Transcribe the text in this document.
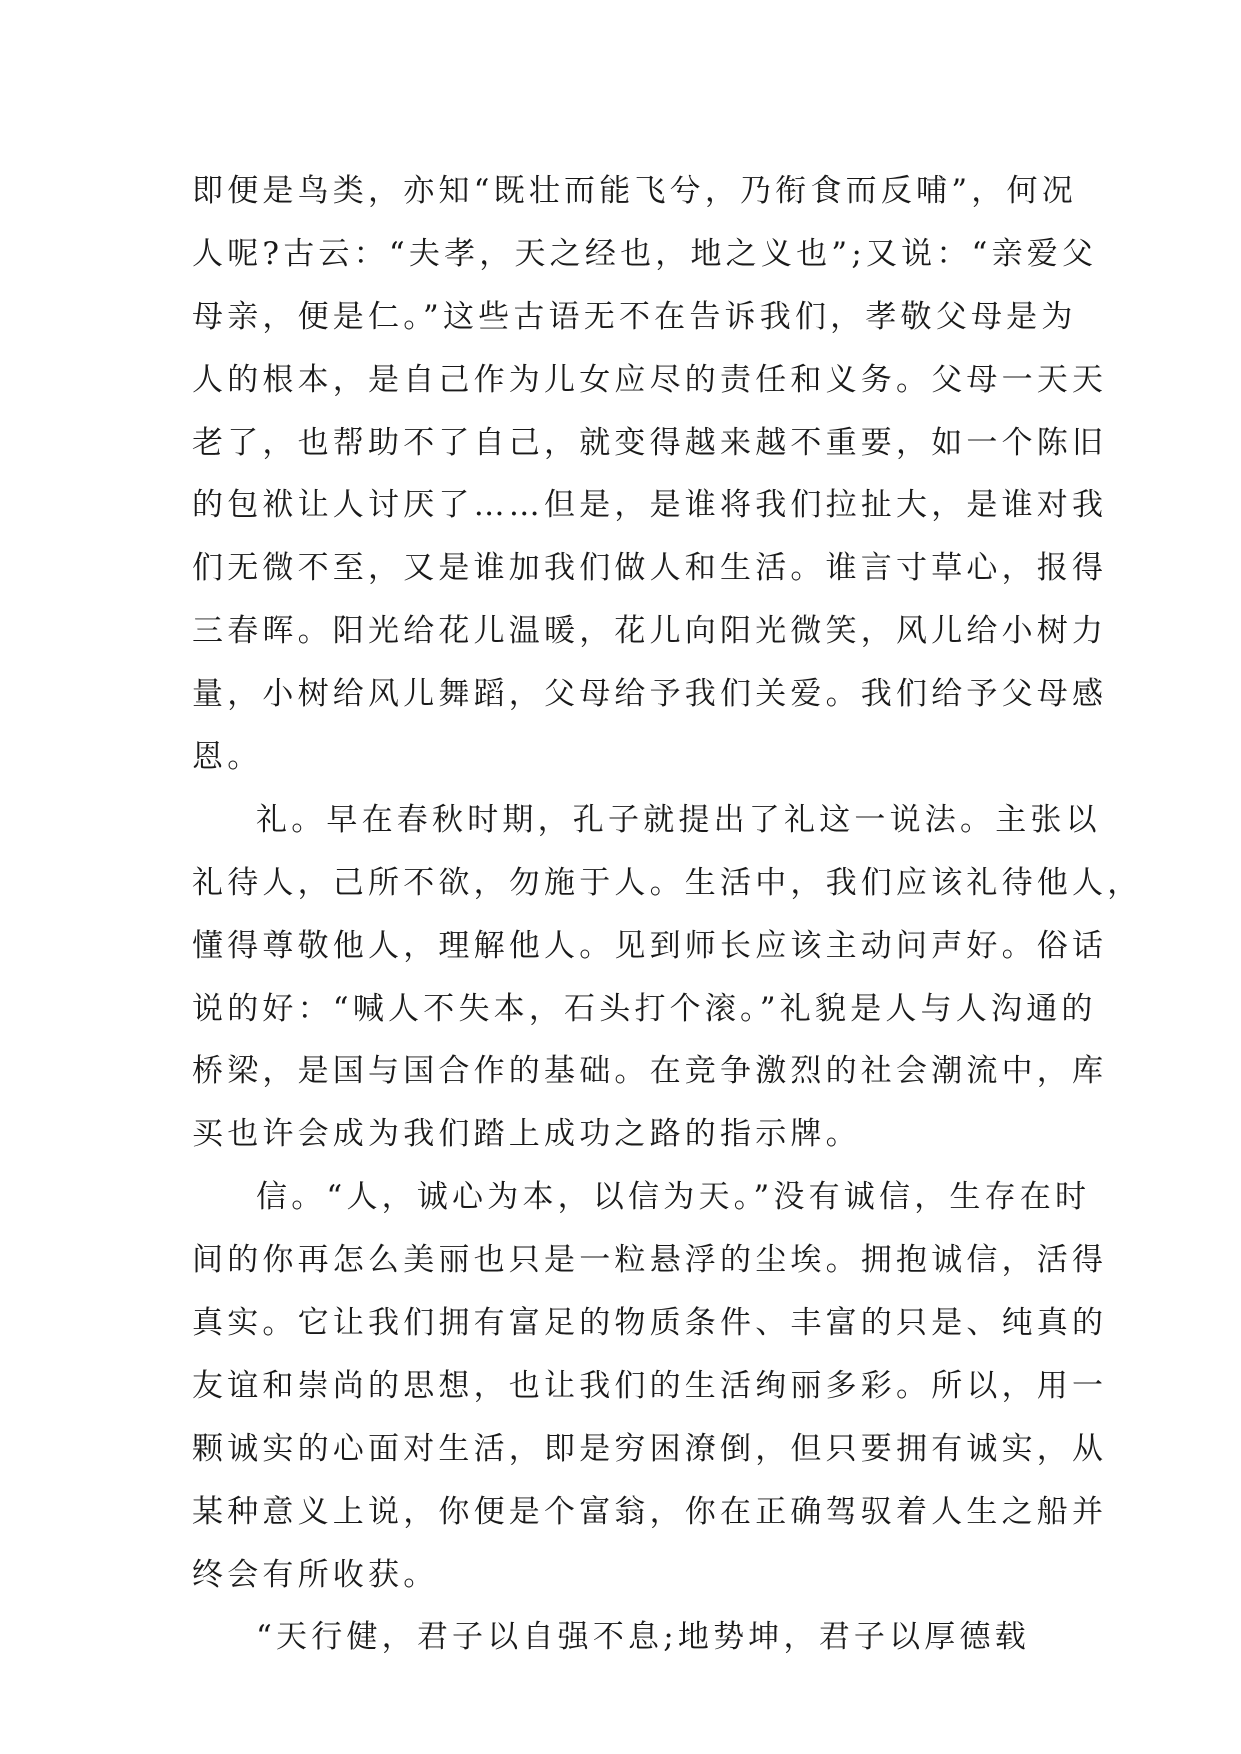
即便是鸟类，亦知“既壮而能飞兮，乃衔食而反哺”，何况
人呢?古云：“夫孝，天之经也，地之义也”;又说：“亲爱父
母亲，便是仁。”这些古语无不在告诉我们，孝敬父母是为
人的根本，是自己作为儿女应尽的责任和义务。父母一天天
老了，也帮助不了自己，就变得越来越不重要，如一个陈旧
的包袱让人讨厌了……但是，是谁将我们拉扯大，是谁对我
们无微不至，又是谁加我们做人和生活。谁言寸草心，报得
三春晖。阳光给花儿温暖，花儿向阳光微笑，风儿给小树力
量，小树给风儿舞蹈，父母给予我们关爱。我们给予父母感
恩。
礼。早在春秋时期，孔子就提出了礼这一说法。主张以
礼待人，己所不欲，勿施于人。生活中，我们应该礼待他人，
懂得尊敬他人，理解他人。见到师长应该主动问声好。俗话
说的好：“喊人不失本，石头打个滚。”礼貌是人与人沟通的
桥梁，是国与国合作的基础。在竞争激烈的社会潮流中，库
买也许会成为我们踏上成功之路的指示牌。
信。“人，诚心为本，以信为天。”没有诚信，生存在时
间的你再怎么美丽也只是一粒悬浮的尘埃。拥抱诚信，活得
真实。它让我们拥有富足的物质条件、丰富的只是、纯真的
友谊和崇尚的思想，也让我们的生活绚丽多彩。所以，用一
颗诚实的心面对生活，即是穷困潦倒，但只要拥有诚实，从
某种意义上说，你便是个富翁，你在正确驾驭着人生之船并
终会有所收获。
“天行健，君子以自强不息;地势坤，君子以厚德载
